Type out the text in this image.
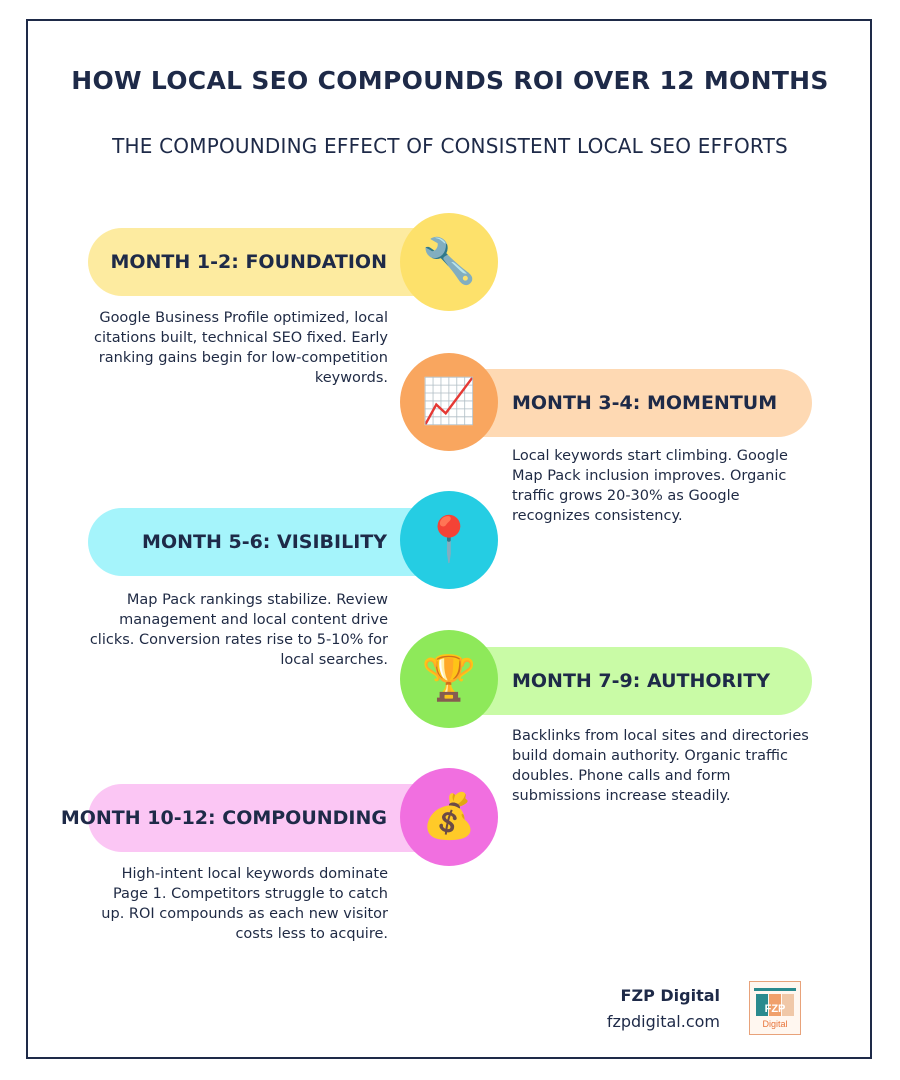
HOW LOCAL SEO COMPOUNDS ROI OVER 12 MONTHS
THE COMPOUNDING EFFECT OF CONSISTENT LOCAL SEO EFFORTS
MONTH 1-2: FOUNDATION 🔧
Google Business Profile optimized, local citations built, technical SEO fixed. Early ranking gains begin for low-competition keywords.
MONTH 3-4: MOMENTUM
📈
Local keywords start climbing. Google Map Pack inclusion improves. Organic traffic grows 20-30% as Google recognizes consistency.
MONTH 5-6: VISIBILITY 📍
Map Pack rankings stabilize. Review management and local content drive clicks. Conversion rates rise to 5-10% for local searches.
MONTH 7-9: AUTHORITY
🏆
Backlinks from local sites and directories build domain authority. Organic traffic doubles. Phone calls and form submissions increase steadily.
MONTH 10-12: COMPOUNDING 💰
High-intent local keywords dominate Page 1. Competitors struggle to catch up. ROI compounds as each new visitor costs less to acquire.
FZP Digital
fzpdigital.com
FZP
Digital
